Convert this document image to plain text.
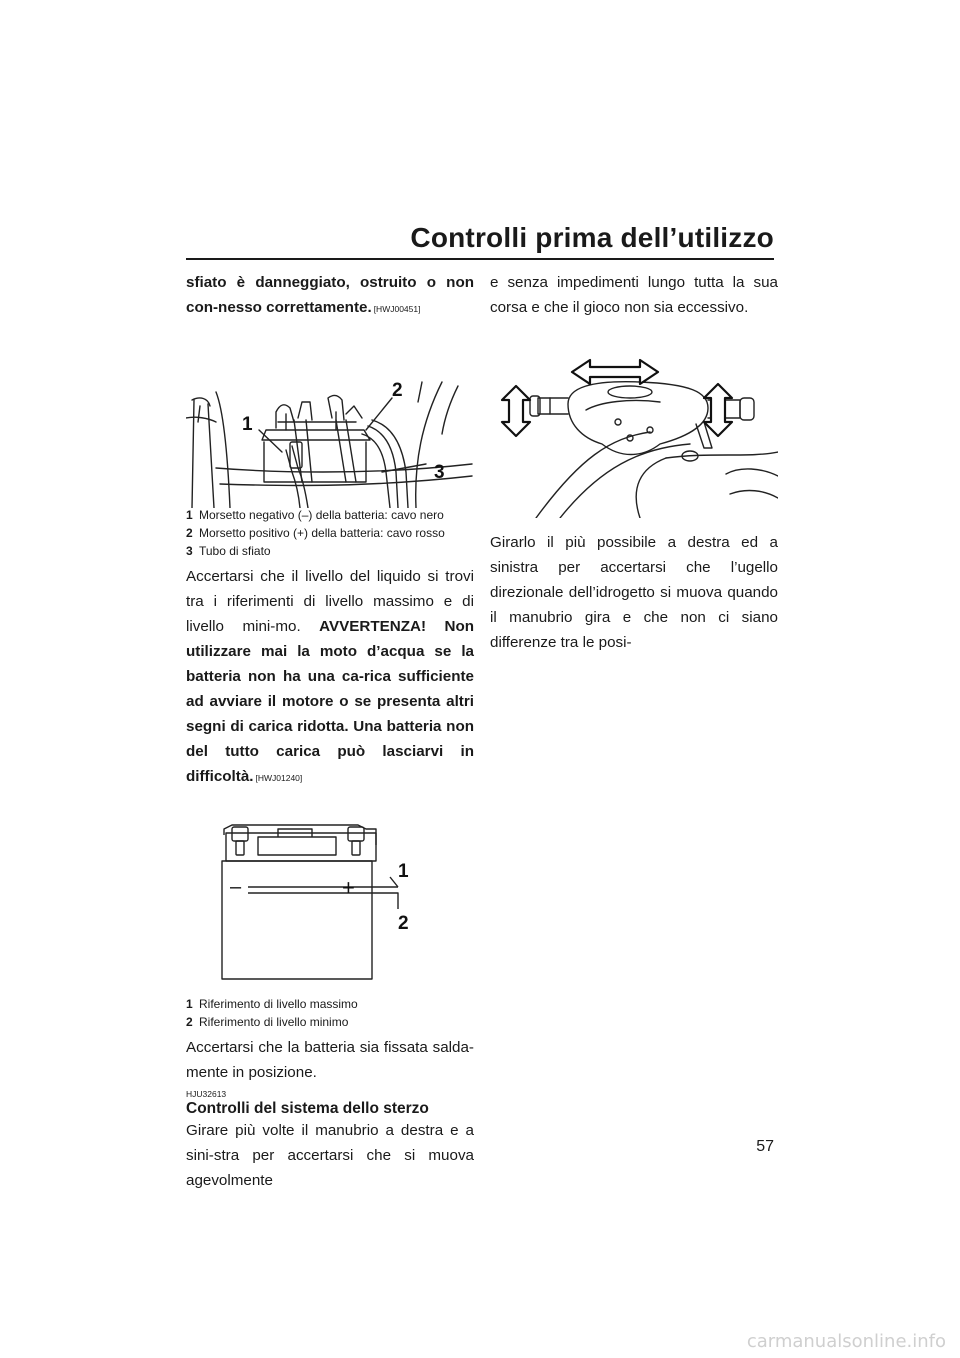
Controlli prima dell’utilizzo

sfiato è danneggiato, ostruito o non con-nesso correttamente. [HWJ00451]

1
2
3
1 Morsetto negativo (–) della batteria: cavo nero
2 Morsetto positivo (+) della batteria: cavo rosso
3 Tubo di sfiato

Accertarsi che il livello del liquido si trovi tra i riferimenti di livello massimo e di livello mini-mo. AVVERTENZA! Non utilizzare mai la moto d’acqua se la batteria non ha una ca-rica sufficiente ad avviare il motore o se presenta altri segni di carica ridotta. Una batteria non del tutto carica può lasciarvi in difficoltà. [HWJ01240]

–	+
1
2
1 Riferimento di livello massimo
2 Riferimento di livello minimo

Accertarsi che la batteria sia fissata salda-mente in posizione.

HJU32613
Controlli del sistema dello sterzo

Girare più volte il manubrio a destra e a sini-stra per accertarsi che si muova agevolmente

e senza impedimenti lungo tutta la sua corsa e che il gioco non sia eccessivo.

Girarlo il più possibile a destra ed a sinistra per accertarsi che l’ugello direzionale dell’idrogetto si muova quando il manubrio gira e che non ci siano differenze tra le posi-

57
carmanualsonline.info
